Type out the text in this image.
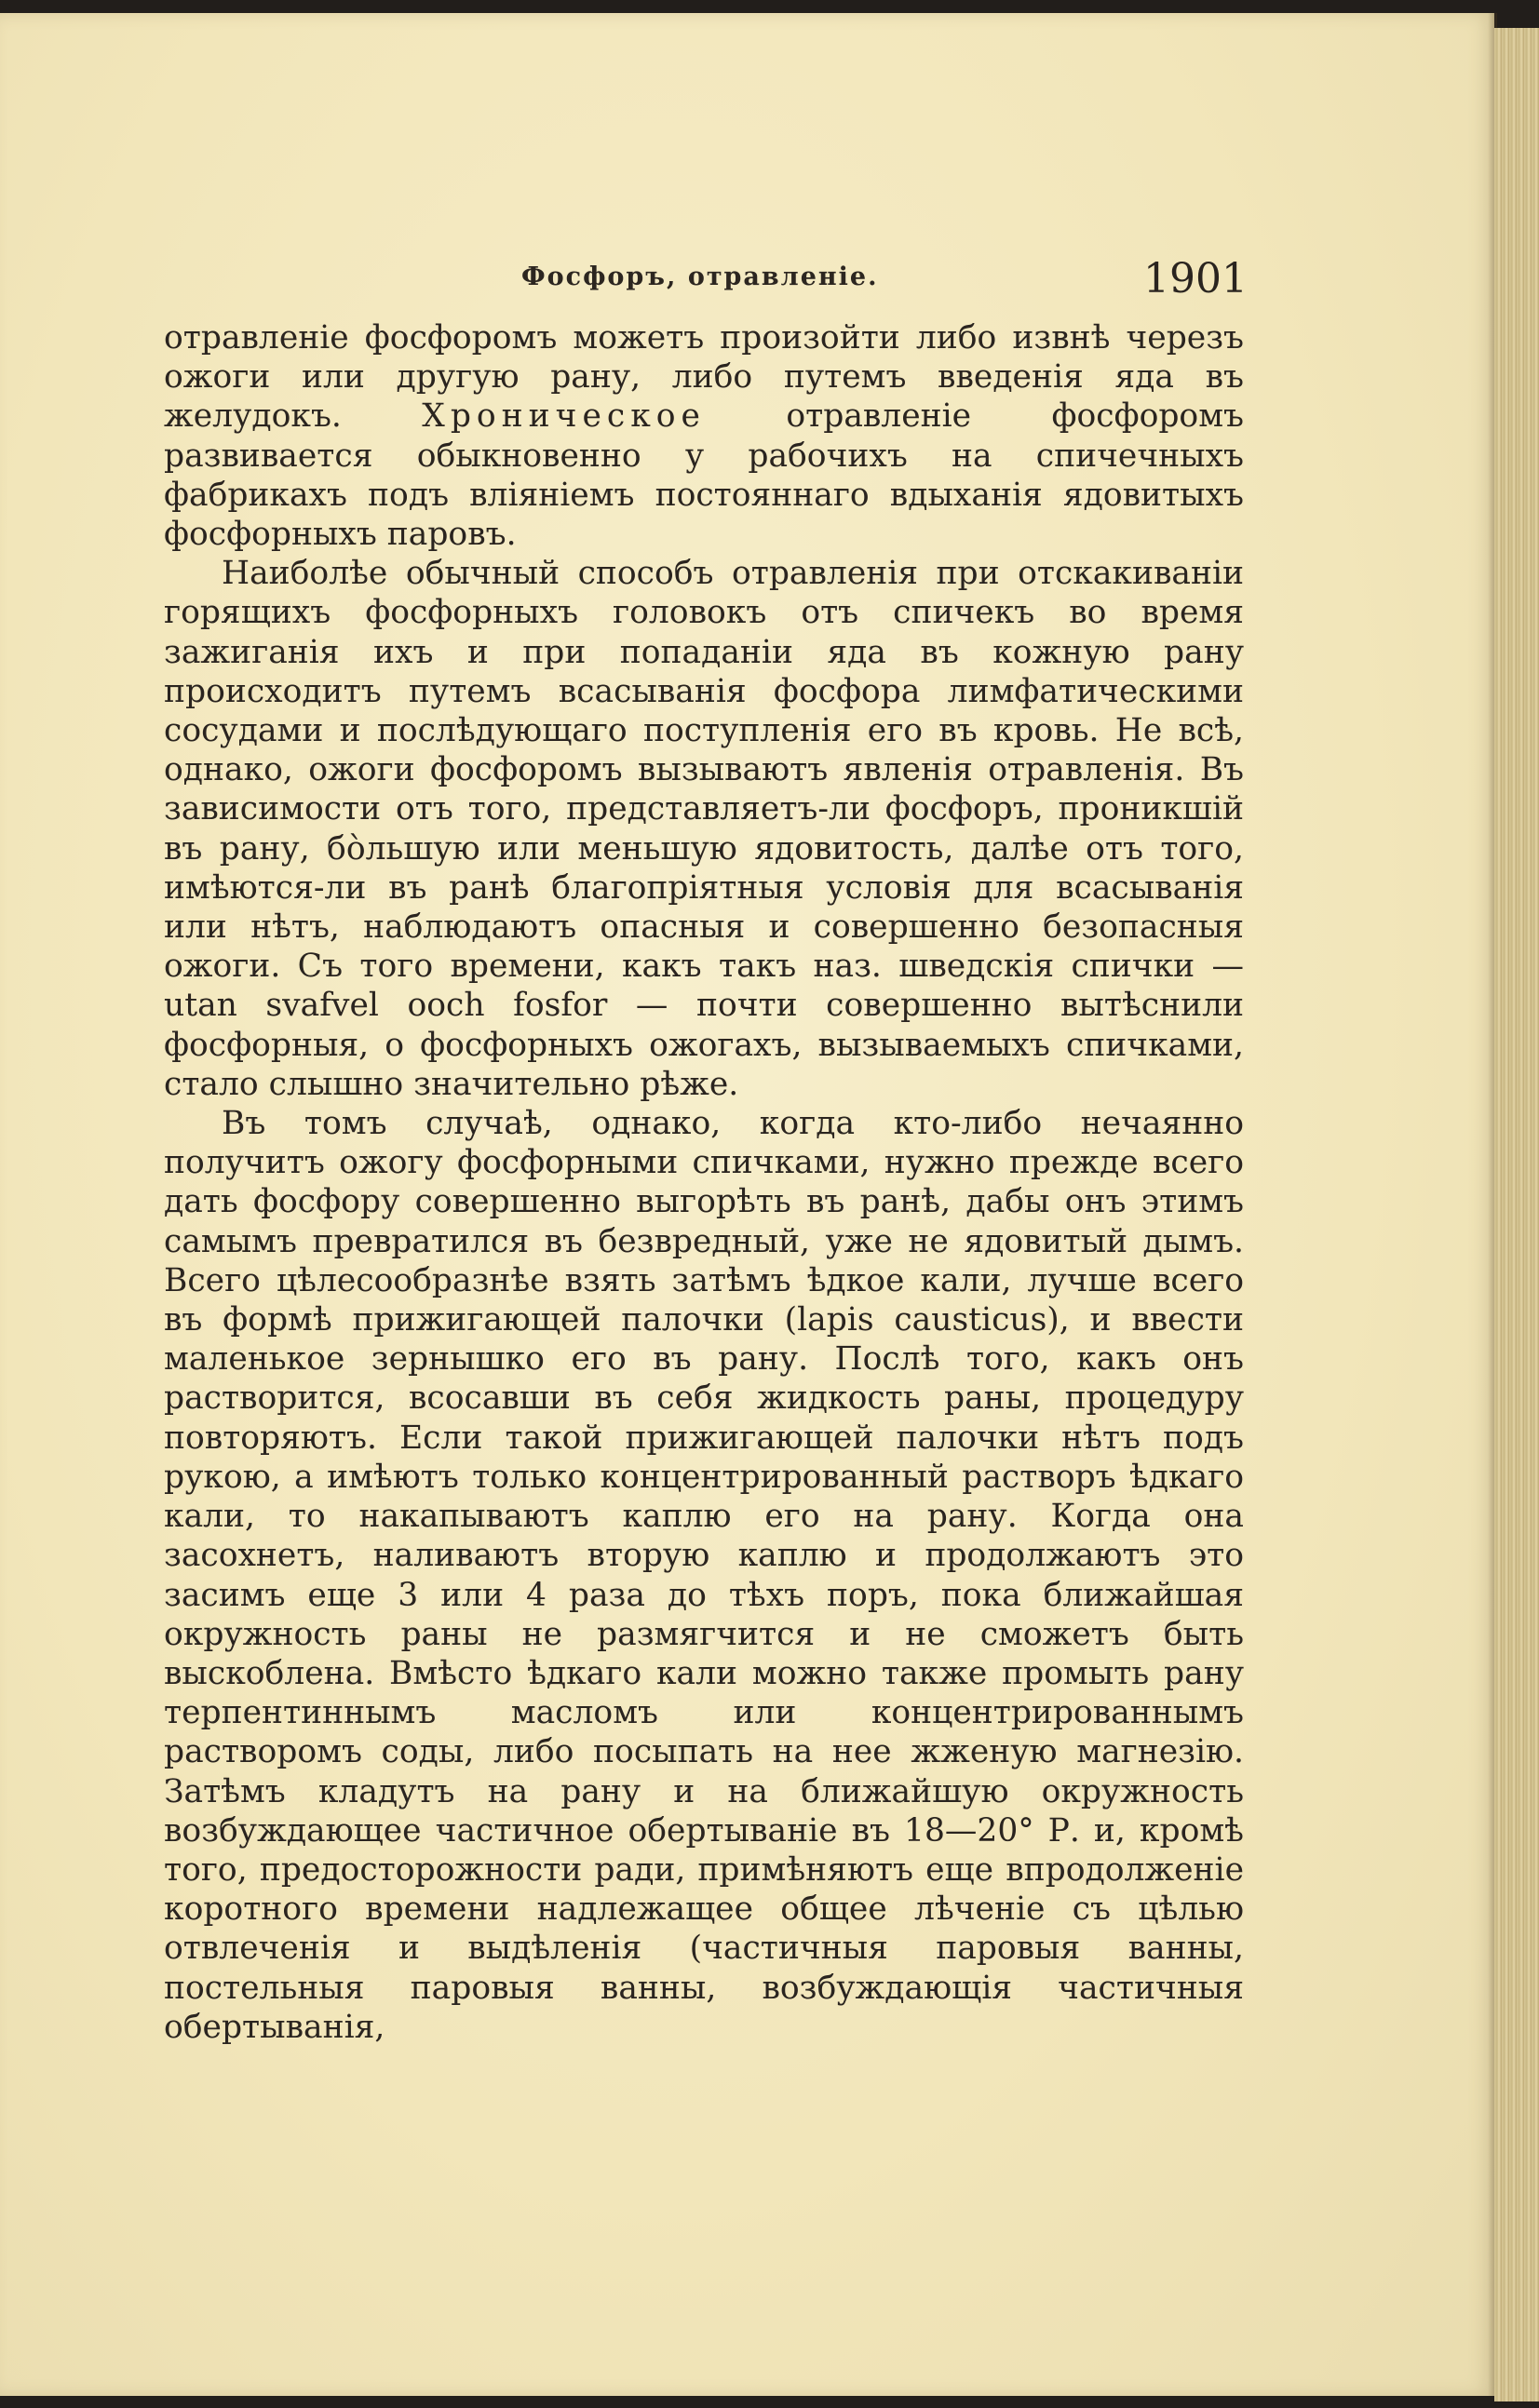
Фосфоръ, отравленіе.	1901

отравленіе фосфоромъ можетъ произойти либо извнѣ черезъ ожоги или другую рану, либо путемъ введенія яда въ желудокъ. Хроническое отравленіе фосфоромъ развивается обыкновенно у рабочихъ на спичечныхъ фабрикахъ подъ вліяніемъ постояннаго вдыханія ядовитыхъ фосфорныхъ паровъ.

Наиболѣе обычный способъ отравленія при отскакиваніи горящихъ фосфорныхъ головокъ отъ спичекъ во время зажиганія ихъ и при попаданіи яда въ кожную рану происходитъ путемъ всасыванія фосфора лимфатическими сосудами и послѣдующаго поступленія его въ кровь. Не всѣ, однако, ожоги фосфоромъ вызываютъ явленія отравленія. Въ зависимости отъ того, представляетъ-ли фосфоръ, проникшій въ рану, бòльшую или меньшую ядовитость, далѣе отъ того, имѣются-ли въ ранѣ благопріятныя условія для всасыванія или нѣтъ, наблюдаютъ опасныя и совершенно безопасныя ожоги. Съ того времени, какъ такъ наз. шведскія спички — utan svafvel ooch fosfor — почти совершенно вытѣснили фосфорныя, о фосфорныхъ ожогахъ, вызываемыхъ спичками, стало слышно значительно рѣже.

Въ томъ случаѣ, однако, когда кто-либо нечаянно получитъ ожогу фосфорными спичками, нужно прежде всего дать фосфору совершенно выгорѣть въ ранѣ, дабы онъ этимъ самымъ превратился въ безвредный, уже не ядовитый дымъ. Всего цѣлесообразнѣе взять затѣмъ ѣдкое кали, лучше всего въ формѣ прижигающей палочки (lapis causticus), и ввести маленькое зернышко его въ рану. Послѣ того, какъ онъ растворится, всосавши въ себя жидкость раны, процедуру повторяютъ. Если такой прижигающей палочки нѣтъ подъ рукою, а имѣютъ только концентрированный растворъ ѣдкаго кали, то накапываютъ каплю его на рану. Когда она засохнетъ, наливаютъ вторую каплю и продолжаютъ это засимъ еще 3 или 4 раза до тѣхъ поръ, пока ближайшая окружность раны не размягчится и не сможетъ быть выскоблена. Вмѣсто ѣдкаго кали можно также промыть рану терпентиннымъ масломъ или концентрированнымъ растворомъ соды, либо посыпать на нее жженую магнезію. Затѣмъ кладутъ на рану и на ближайшую окружность возбуждающее частичное обертываніе въ 18—20° Р. и, кромѣ того, предосторожности ради, примѣняютъ еще впродолженіе коротного времени надлежащее общее лѣченіе съ цѣлью отвлеченія и выдѣленія (частичныя паровыя ванны, постельныя паровыя ванны, возбуждающія частичныя обертыванія,
